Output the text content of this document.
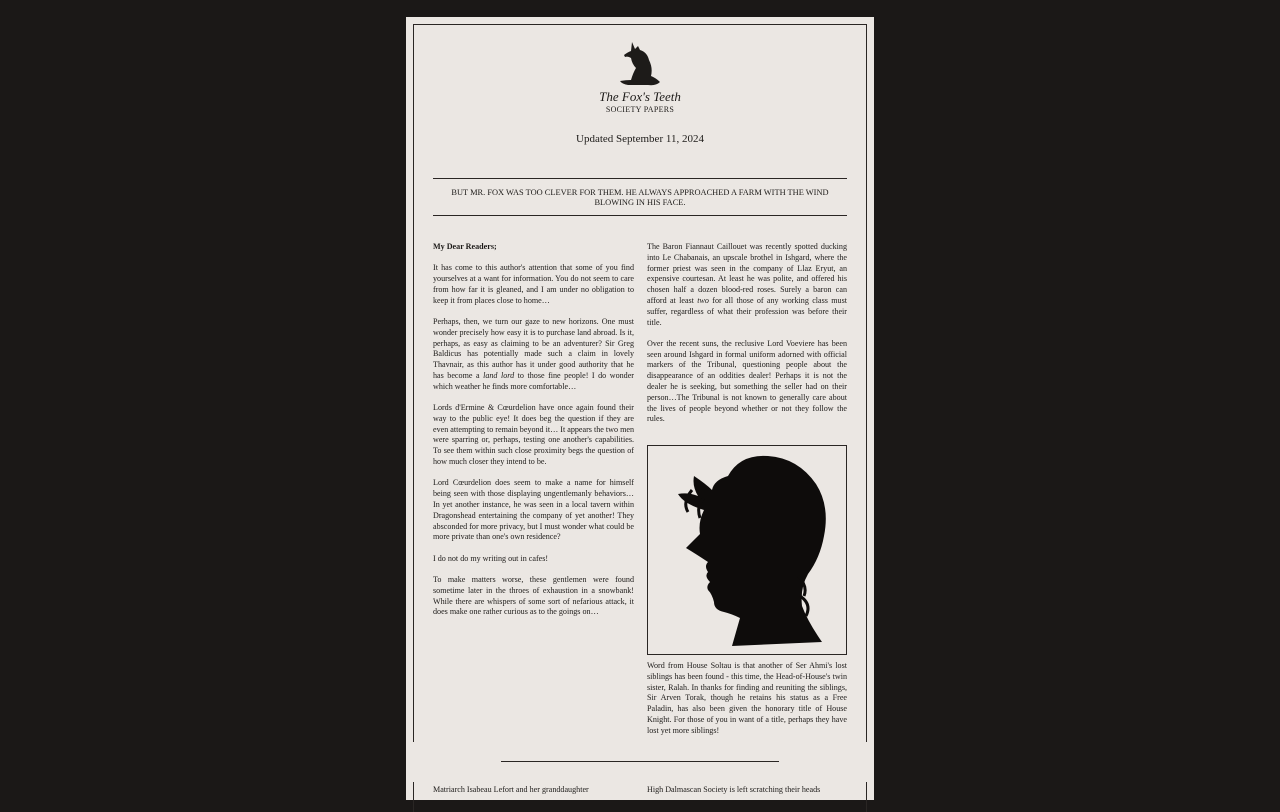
The Fox's Teeth
SOCIETY PAPERS
Updated September 11, 2024
BUT MR. FOX WAS TOO CLEVER FOR THEM. HE ALWAYS APPROACHED A FARM WITH THE WIND BLOWING IN HIS FACE.

My Dear Readers;

It has come to this author's attention that some of you find yourselves at a want for information. You do not seem to care from how far it is gleaned, and I am under no obligation to keep it from places close to home…

Perhaps, then, we turn our gaze to new horizons. One must wonder precisely how easy it is to purchase land abroad. Is it, perhaps, as easy as claiming to be an adventurer? Sir Greg Baldicus has potentially made such a claim in lovely Thavnair, as this author has it under good authority that he has become a land lord to those fine people! I do wonder which weather he finds more comfortable…

Lords d'Ermine & Cœurdelion have once again found their way to the public eye! It does beg the question if they are even attempting to remain beyond it… It appears the two men were sparring or, perhaps, testing one another's capabilities. To see them within such close proximity begs the question of how much closer they intend to be.

Lord Cœurdelion does seem to make a name for himself being seen with those displaying ungentlemanly behaviors…In yet another instance, he was seen in a local tavern within Dragonshead entertaining the company of yet another! They absconded for more privacy, but I must wonder what could be more private than one's own residence?

I do not do my writing out in cafes!

To make matters worse, these gentlemen were found sometime later in the throes of exhaustion in a snowbank! While there are whispers of some sort of nefarious attack, it does make one rather curious as to the goings on…

The Baron Fiannaut Caillouet was recently spotted ducking into Le Chabanais, an upscale brothel in Ishgard, where the former priest was seen in the company of Llaz Eryut, an expensive courtesan. At least he was polite, and offered his chosen half a dozen blood-red roses. Surely a baron can afford at least two for all those of any working class must suffer, regardless of what their profession was before their title.

Over the recent suns, the reclusive Lord Voeviere has been seen around Ishgard in formal uniform adorned with official markers of the Tribunal, questioning people about the disappearance of an oddities dealer! Perhaps it is not the dealer he is seeking, but something the seller had on their person…The Tribunal is not known to generally care about the lives of people beyond whether or not they follow the rules.

Word from House Soltau is that another of Ser Ahmi's lost siblings has been found - this time, the Head-of-House's twin sister, Ralah. In thanks for finding and reuniting the siblings, Sir Arven Torak, though he retains his status as a Free Paladin, has also been given the honorary title of House Knight. For those of you in want of a title, perhaps they have lost yet more siblings!

Matriarch Isabeau Lefort and her granddaughter	High Dalmascan Society is left scratching their heads
